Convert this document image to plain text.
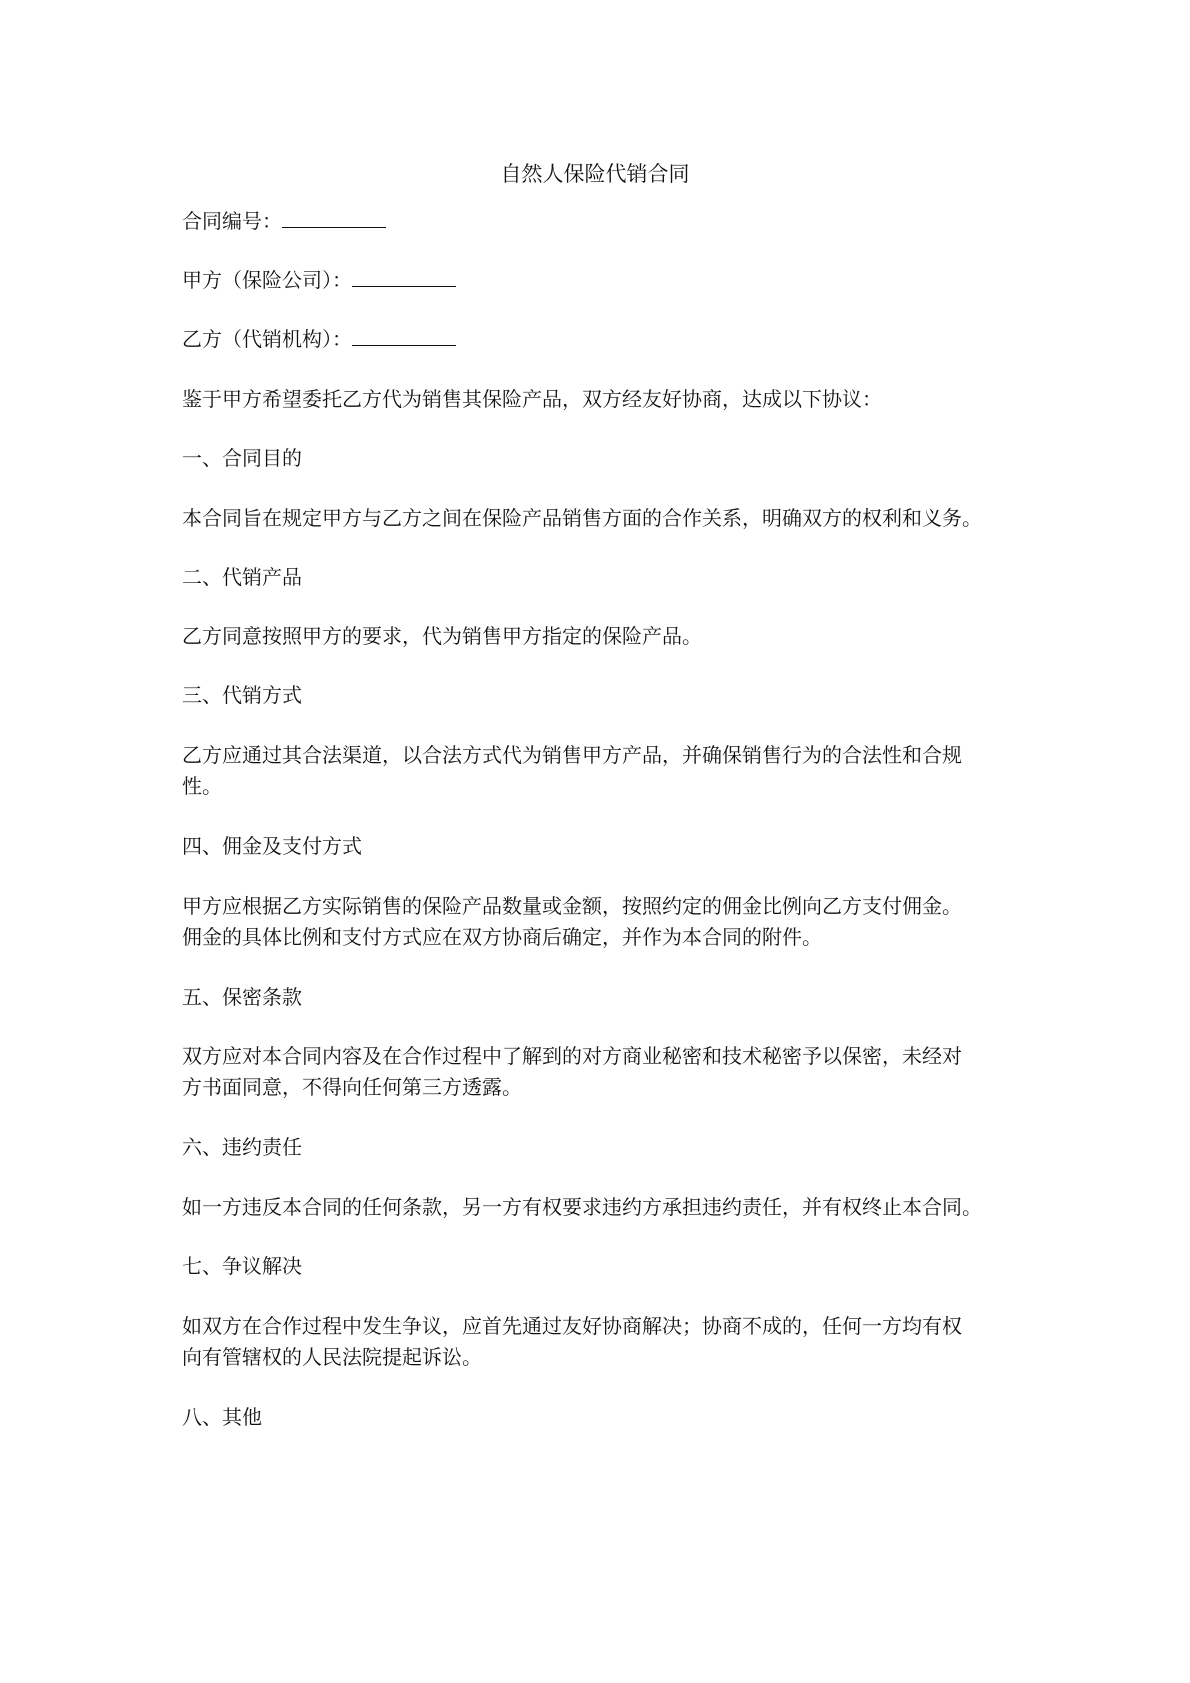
自然人保险代销合同
合同编号：
甲方（保险公司）：
乙方（代销机构）：

鉴于甲方希望委托乙方代为销售其保险产品，双方经友好协商，达成以下协议：

一、合同目的

本合同旨在规定甲方与乙方之间在保险产品销售方面的合作关系，明确双方的权利和义务。

二、代销产品

乙方同意按照甲方的要求，代为销售甲方指定的保险产品。

三、代销方式

乙方应通过其合法渠道，以合法方式代为销售甲方产品，并确保销售行为的合法性和合规

性。

四、佣金及支付方式

甲方应根据乙方实际销售的保险产品数量或金额，按照约定的佣金比例向乙方支付佣金。

佣金的具体比例和支付方式应在双方协商后确定，并作为本合同的附件。

五、保密条款

双方应对本合同内容及在合作过程中了解到的对方商业秘密和技术秘密予以保密，未经对

方书面同意，不得向任何第三方透露。

六、违约责任

如一方违反本合同的任何条款，另一方有权要求违约方承担违约责任，并有权终止本合同。

七、争议解决

如双方在合作过程中发生争议，应首先通过友好协商解决；协商不成的，任何一方均有权

向有管辖权的人民法院提起诉讼。

八、其他
